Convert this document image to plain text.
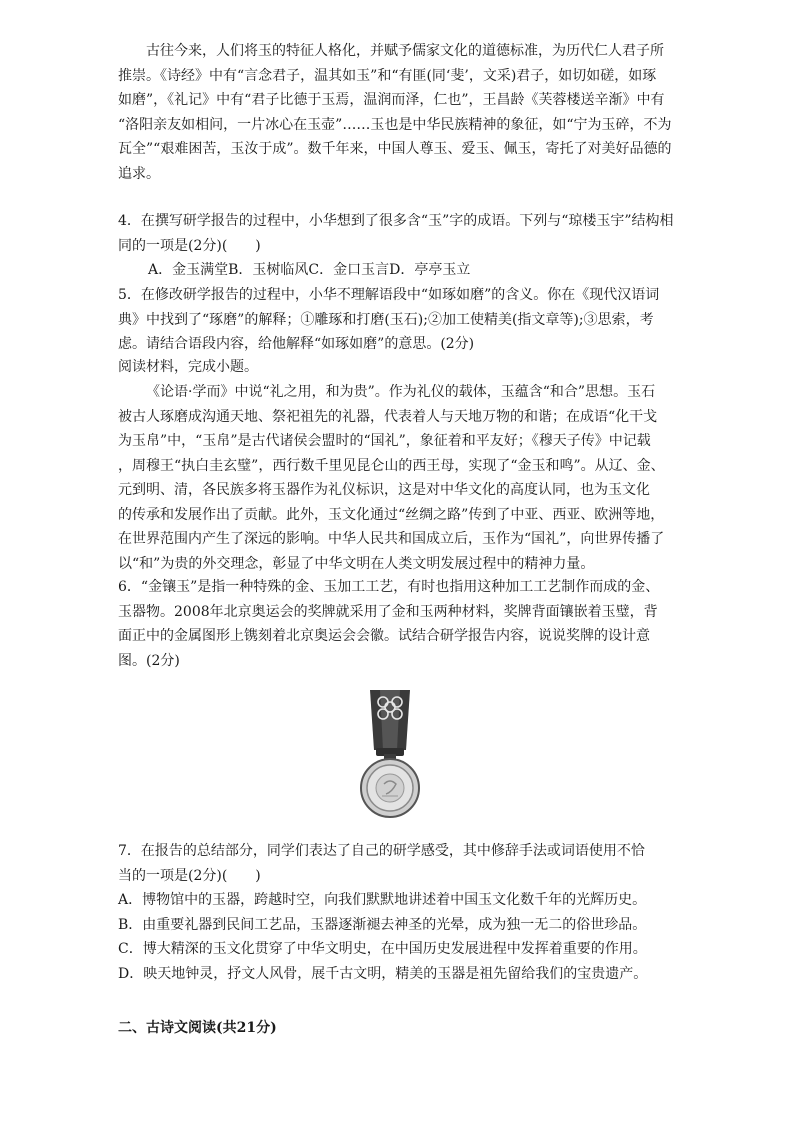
古往今来，人们将玉的特征人格化，并赋予儒家文化的道德标准，为历代仁人君子所
推崇。《诗经》中有“言念君子，温其如玉”和“有匪(同‘斐’，文采)君子，如切如磋，如琢
如磨”，《礼记》中有“君子比德于玉焉，温润而泽，仁也”，王昌龄《芙蓉楼送辛渐》中有
“洛阳亲友如相问，一片冰心在玉壶”……玉也是中华民族精神的象征，如“宁为玉碎，不为
瓦全”“艰难困苦，玉汝于成”。数千年来，中国人尊玉、爱玉、佩玉，寄托了对美好品德的
追求。
4．在撰写研学报告的过程中，小华想到了很多含“玉”字的成语。下列与“琼楼玉宇”结构相
同的一项是(2分)(　　)
A．金玉满堂B．玉树临风C．金口玉言D．亭亭玉立
5．在修改研学报告的过程中，小华不理解语段中“如琢如磨”的含义。你在《现代汉语词
典》中找到了“琢磨”的解释；①雕琢和打磨(玉石);②加工使精美(指文章等);③思索，考
虑。请结合语段内容，给他解释“如琢如磨”的意思。(2分)
阅读材料，完成小题。
《论语·学而》中说“礼之用，和为贵”。作为礼仪的载体，玉蕴含“和合”思想。玉石
被古人琢磨成沟通天地、祭祀祖先的礼器，代表着人与天地万物的和谐；在成语“化干戈
为玉帛”中，“玉帛”是古代诸侯会盟时的“国礼”，象征着和平友好；《穆天子传》中记载
，周穆王“执白圭玄璧”，西行数千里见昆仑山的西王母，实现了“金玉和鸣”。从辽、金、
元到明、清，各民族多将玉器作为礼仪标识，这是对中华文化的高度认同，也为玉文化
的传承和发展作出了贡献。此外，玉文化通过“丝绸之路”传到了中亚、西亚、欧洲等地，
在世界范围内产生了深远的影响。中华人民共和国成立后，玉作为“国礼”，向世界传播了
以“和”为贵的外交理念，彰显了中华文明在人类文明发展过程中的精神力量。
6．“金镶玉”是指一种特殊的金、玉加工工艺，有时也指用这种加工工艺制作而成的金、
玉器物。2008年北京奥运会的奖牌就采用了金和玉两种材料，奖牌背面镶嵌着玉璧，背
面正中的金属图形上镌刻着北京奥运会会徽。试结合研学报告内容，说说奖牌的设计意
图。(2分)
7．在报告的总结部分，同学们表达了自己的研学感受，其中修辞手法或词语使用不恰
当的一项是(2分)(　　)
A．博物馆中的玉器，跨越时空，向我们默默地讲述着中国玉文化数千年的光辉历史。
B．由重要礼器到民间工艺品，玉器逐渐褪去神圣的光晕，成为独一无二的俗世珍品。
C．博大精深的玉文化贯穿了中华文明史，在中国历史发展进程中发挥着重要的作用。
D．映天地钟灵，抒文人风骨，展千古文明，精美的玉器是祖先留给我们的宝贵遗产。
二、古诗文阅读(共21分)
